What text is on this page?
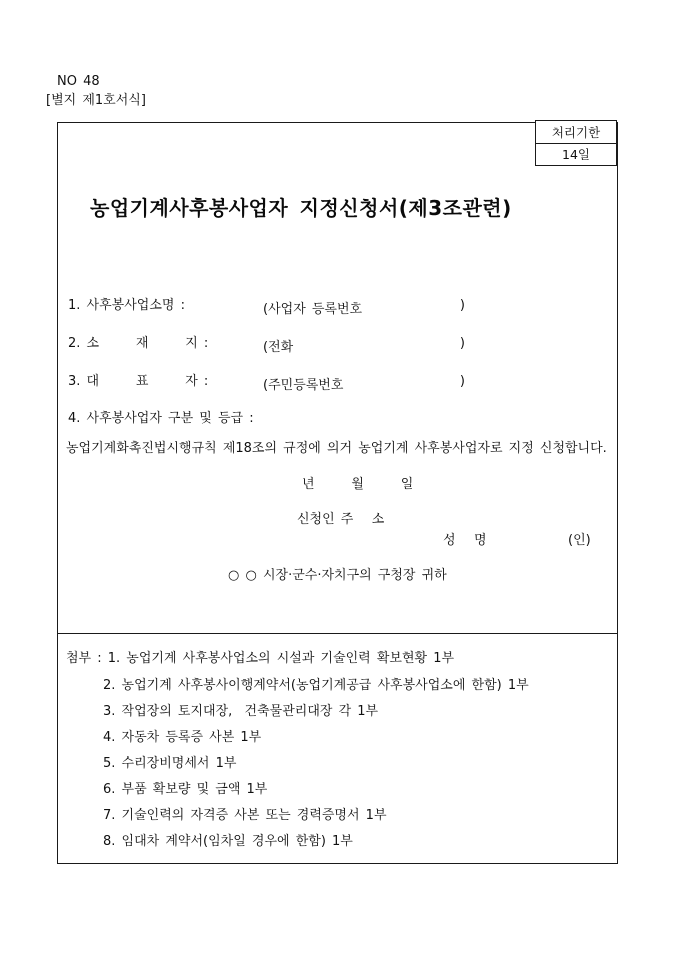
NO 48
[별지 제1호서식]
처리기한
14일
농업기계사후봉사업자 지정신청서(제3조관련)
1. 사후봉사업소명 :	(사업자 등록번호	)
2. 소      재      지 :	(전화	)
3. 대      표      자 :	(주민등록번호	)
4. 사후봉사업자 구분 및 등급 :
농업기계화촉진법시행규칙 제18조의 규정에 의거 농업기계 사후봉사업자로 지정 신청합니다.
년      월      일
신청인 주   소
성   명	(인)
○ ○ 시장·군수·자치구의 구청장 귀하
첨부 : 1. 농업기계 사후봉사업소의 시설과 기술인력 확보현황 1부
2. 농업기계 사후봉사이행계약서(농업기계공급 사후봉사업소에 한함) 1부
3. 작업장의 토지대장,  건축물관리대장 각 1부
4. 자동차 등록증 사본 1부
5. 수리장비명세서 1부
6. 부품 확보량 및 금액 1부
7. 기술인력의 자격증 사본 또는 경력증명서 1부
8. 임대차 계약서(임차일 경우에 한함) 1부
